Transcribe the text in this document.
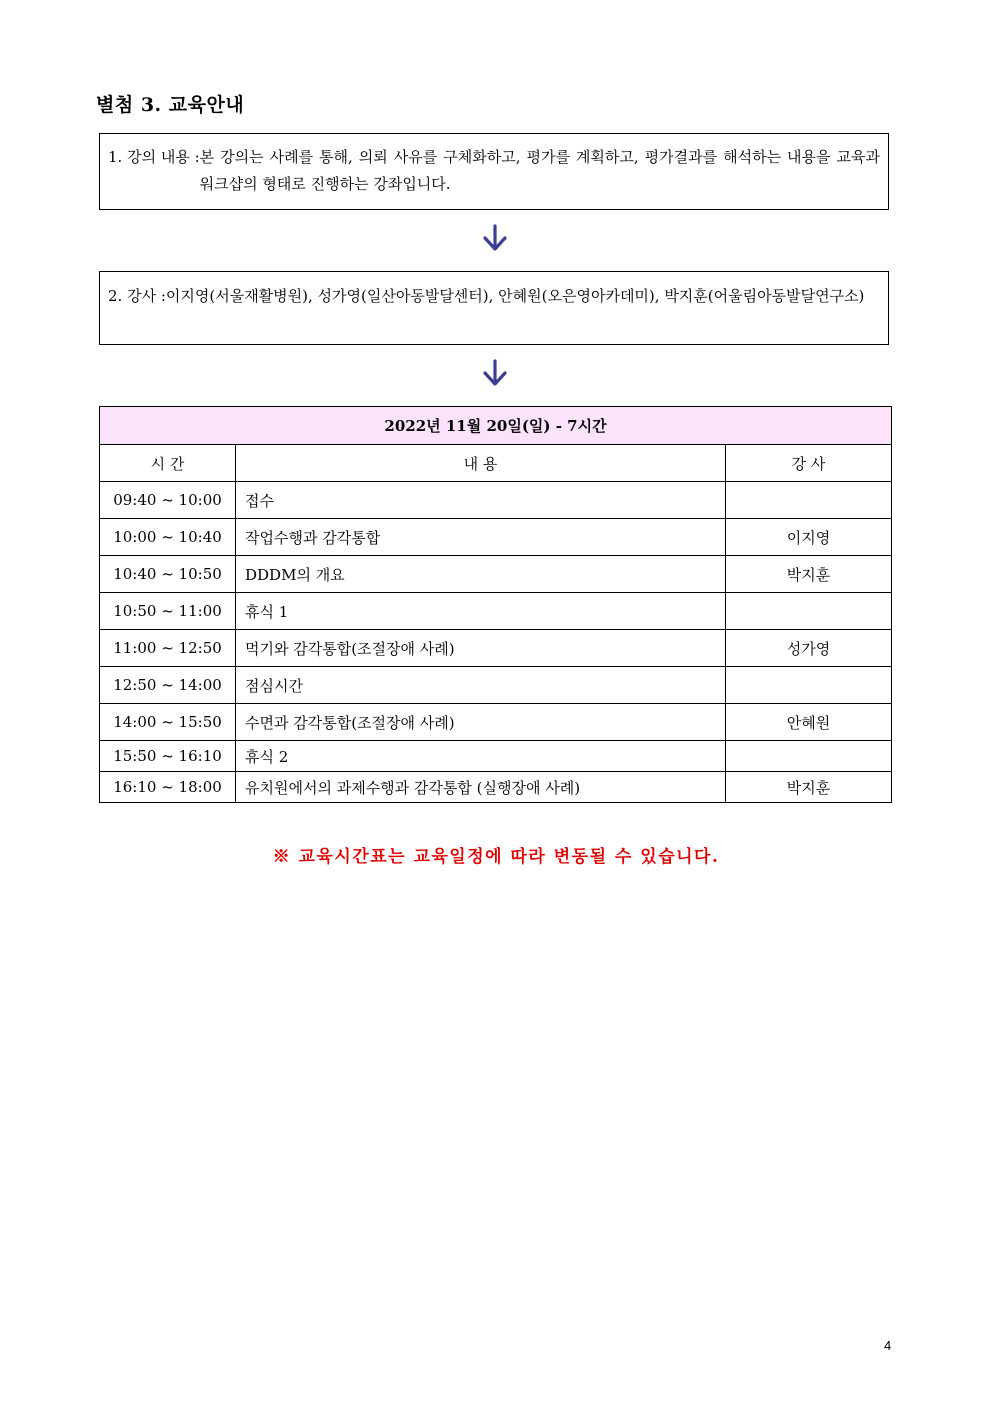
별첨 3. 교육안내
1. 강의 내용 : 본 강의는 사례를 통해, 의뢰 사유를 구체화하고, 평가를 계획하고, 평가결과를 해석하는 내용을 교육과 워크샵의 형태로 진행하는 강좌입니다.
2. 강사 : 이지영(서울재활병원), 성가영(일산아동발달센터), 안혜원(오은영아카데미), 박지훈(어울림아동발달연구소)
2022년 11월 20일(일) - 7시간		
시 간	내 용	강 사
09:40 ~ 10:00	접수	
10:00 ~ 10:40	작업수행과 감각통합	이지영
10:40 ~ 10:50	DDDM의 개요	박지훈
10:50 ~ 11:00	휴식 1	
11:00 ~ 12:50	먹기와 감각통합(조절장애 사례)	성가영
12:50 ~ 14:00	점심시간	
14:00 ~ 15:50	수면과 감각통합(조절장애 사례)	안혜원
15:50 ~ 16:10	휴식 2	
16:10 ~ 18:00	유치원에서의 과제수행과 감각통합 (실행장애 사례)	박지훈
※ 교육시간표는 교육일정에 따라 변동될 수 있습니다.
4
